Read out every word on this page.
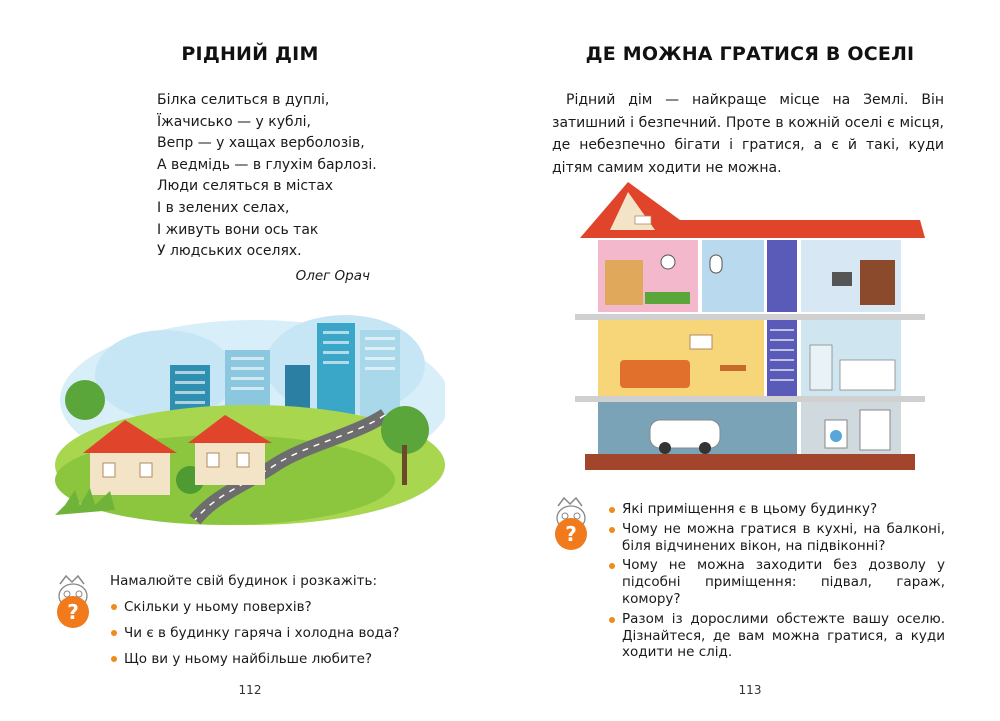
РІДНИЙ ДІМ
Білка селиться в дуплі,
Їжачисько — у кублі,
Вепр — у хащах верболозів,
А ведмідь — в глухім барлозі.
Люди селяться в містах
І в зелених селах,
І живуть вони ось так
У людських оселях.
Олег Орач
?

Намалюйте свій будинок і розкажіть:

Скільки у ньому поверхів?
Чи є в будинку гаряча і холодна вода?
Що ви у ньому найбільше любите?
112
ДЕ МОЖНА ГРАТИСЯ В ОСЕЛІ

Рідний дім — найкраще місце на Землі. Він затишний і безпечний. Проте в кожній оселі є місця, де небезпечно бігати і гратися, а є й такі, куди дітям самим ходити не можна.

?
Які приміщення є в цьому будинку?
Чому не можна гратися в кухні, на балконі, біля відчинених вікон, на підвіконні?
Чому не можна заходити без дозволу у підсобні приміщення: підвал, гараж, комору?
Разом із дорослими обстежте вашу оселю. Дізнайтеся, де вам можна гратися, а куди ходити не слід.
113
